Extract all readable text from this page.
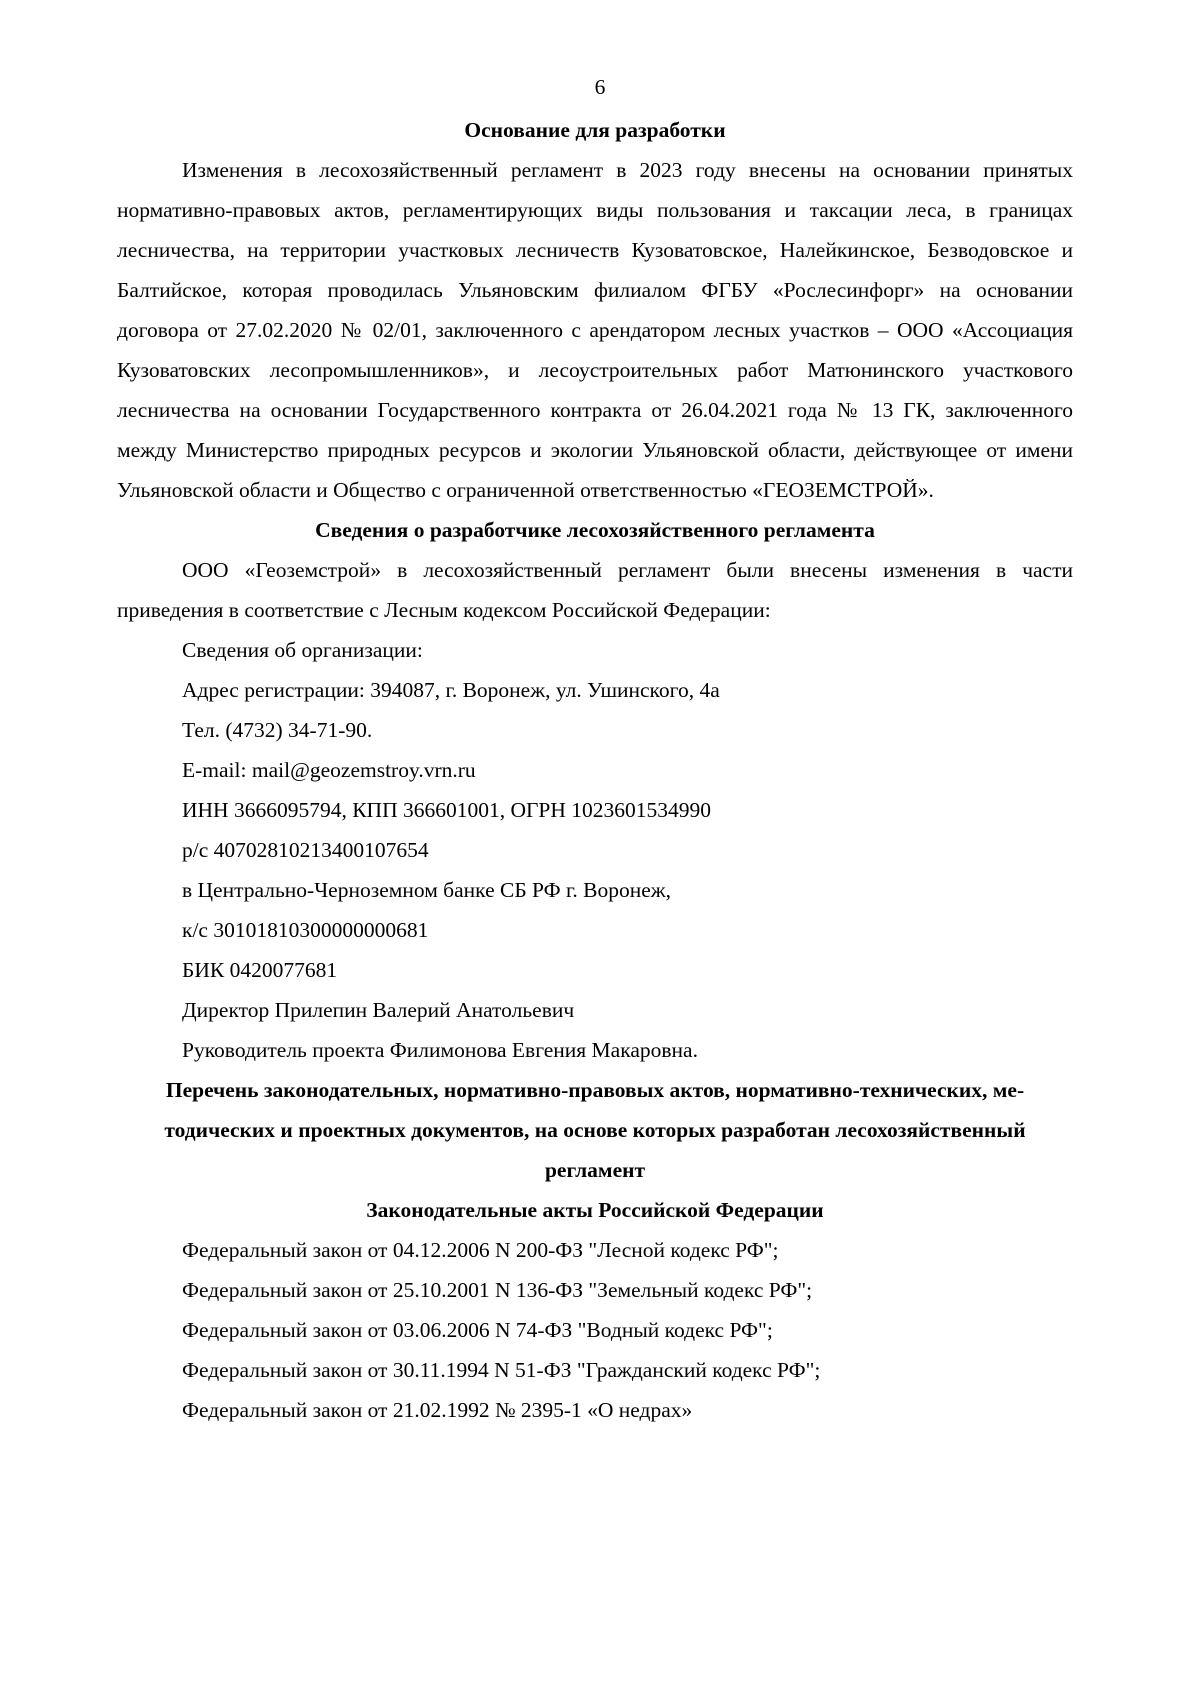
6
Основание для разработки

Изменения в лесохозяйственный регламент в 2023 году внесены на основании принятых нормативно-правовых актов, регламентирующих виды пользования и таксации леса, в границах лесничества, на территории участковых лесничеств Кузоватовское, Налейкинское, Безводовское и Балтийское, которая проводилась Ульяновским филиалом ФГБУ «Рослесинфорг» на основании договора от 27.02.2020 № 02/01, заключенного с арендатором лесных участков – ООО «Ассоциация Кузоватовских лесопромышленников», и лесоустроительных работ Матюнинского участкового лесничества на основании Государственного контракта от 26.04.2021 года № 13 ГК, заключенного между Министерство природных ресурсов и экологии Ульяновской области, действующее от имени Ульяновской области и Общество с ограниченной ответственностью «ГЕОЗЕМСТРОЙ».

Сведения о разработчике лесохозяйственного регламента

ООО «Геоземстрой» в лесохозяйственный регламент были внесены изменения в части приведения в соответствие с Лесным кодексом Российской Федерации:

Сведения об организации:
Адрес регистрации: 394087, г. Воронеж, ул. Ушинского, 4а
Тел. (4732) 34-71-90.
E-mail: mail@geozemstroy.vrn.ru
ИНН 3666095794, КПП 366601001, ОГРН 1023601534990
р/с 40702810213400107654
в Центрально-Черноземном банке СБ РФ г. Воронеж,
к/с 30101810300000000681
БИК 0420077681
Директор Прилепин Валерий Анатольевич
Руководитель проекта Филимонова Евгения Макаровна.
Перечень законодательных, нормативно-правовых актов, нормативно-технических, ме-
тодических и проектных документов, на основе которых разработан лесохозяйственный
регламент
Законодательные акты Российской Федерации
Федеральный закон от 04.12.2006 N 200-ФЗ "Лесной кодекс РФ";
Федеральный закон от 25.10.2001 N 136-ФЗ "Земельный кодекс РФ";
Федеральный закон от 03.06.2006 N 74-ФЗ "Водный кодекс РФ";
Федеральный закон от 30.11.1994 N 51-ФЗ "Гражданский кодекс РФ";
Федеральный закон от 21.02.1992 № 2395-1 «О недрах»
